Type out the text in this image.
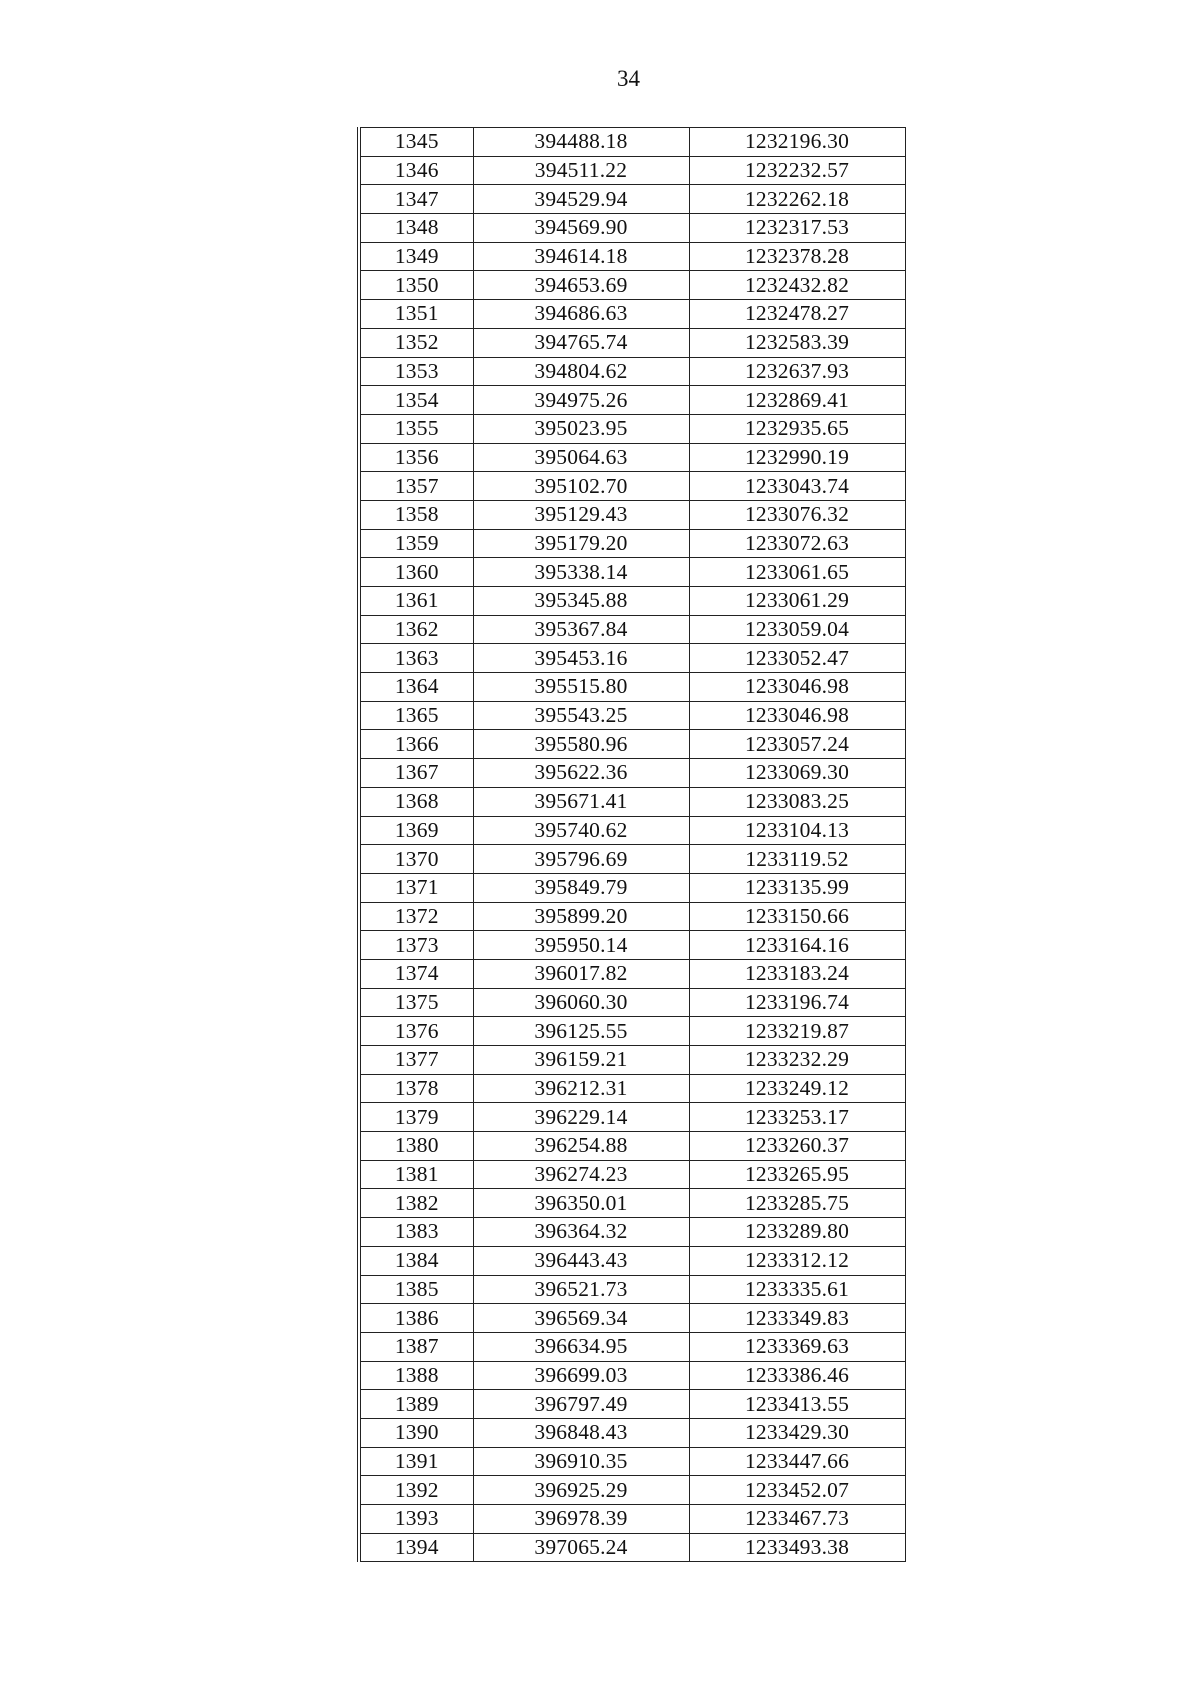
34
1345	394488.18	1232196.30
1346	394511.22	1232232.57
1347	394529.94	1232262.18
1348	394569.90	1232317.53
1349	394614.18	1232378.28
1350	394653.69	1232432.82
1351	394686.63	1232478.27
1352	394765.74	1232583.39
1353	394804.62	1232637.93
1354	394975.26	1232869.41
1355	395023.95	1232935.65
1356	395064.63	1232990.19
1357	395102.70	1233043.74
1358	395129.43	1233076.32
1359	395179.20	1233072.63
1360	395338.14	1233061.65
1361	395345.88	1233061.29
1362	395367.84	1233059.04
1363	395453.16	1233052.47
1364	395515.80	1233046.98
1365	395543.25	1233046.98
1366	395580.96	1233057.24
1367	395622.36	1233069.30
1368	395671.41	1233083.25
1369	395740.62	1233104.13
1370	395796.69	1233119.52
1371	395849.79	1233135.99
1372	395899.20	1233150.66
1373	395950.14	1233164.16
1374	396017.82	1233183.24
1375	396060.30	1233196.74
1376	396125.55	1233219.87
1377	396159.21	1233232.29
1378	396212.31	1233249.12
1379	396229.14	1233253.17
1380	396254.88	1233260.37
1381	396274.23	1233265.95
1382	396350.01	1233285.75
1383	396364.32	1233289.80
1384	396443.43	1233312.12
1385	396521.73	1233335.61
1386	396569.34	1233349.83
1387	396634.95	1233369.63
1388	396699.03	1233386.46
1389	396797.49	1233413.55
1390	396848.43	1233429.30
1391	396910.35	1233447.66
1392	396925.29	1233452.07
1393	396978.39	1233467.73
1394	397065.24	1233493.38
